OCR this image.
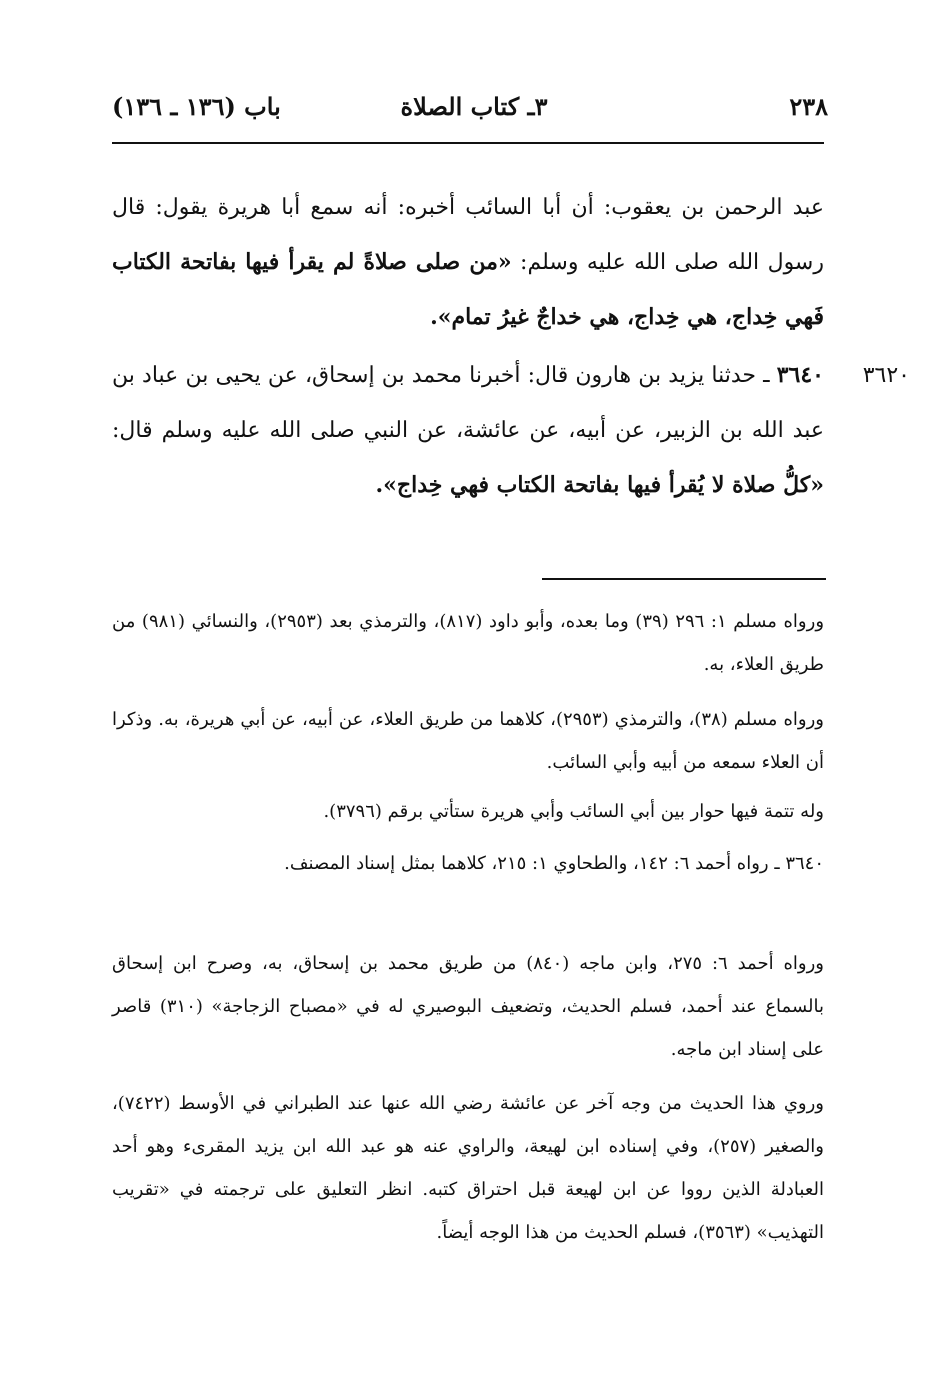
٢٣٨
٣ـ كتاب الصلاة
باب (١٣٦ ـ ١٣٦)
عبد الرحمن بن يعقوب: أن أبا السائب أخبره: أنه سمع أبا هريرة يقول: قال رسول الله صلى الله عليه وسلم: «من صلى صلاةً لم يقرأ فيها بفاتحة الكتاب فَهي خِداج، هي خِداج، هي خداجٌ غيرُ تمام».
٣٦٢٠
٣٦٤٠ ـ حدثنا يزيد بن هارون قال: أخبرنا محمد بن إسحاق، عن يحيى بن عباد بن عبد الله بن الزبير، عن أبيه، عن عائشة، عن النبي صلى الله عليه وسلم قال: «كلُّ صلاة لا يُقرأ فيها بفاتحة الكتاب فهي خِداج».
ورواه مسلم ١: ٢٩٦ (٣٩) وما بعده، وأبو داود (٨١٧)، والترمذي بعد (٢٩٥٣)، والنسائي (٩٨١) من طريق العلاء، به.
ورواه مسلم (٣٨)، والترمذي (٢٩٥٣)، كلاهما من طريق العلاء، عن أبيه، عن أبي هريرة، به. وذكرا أن العلاء سمعه من أبيه وأبي السائب.
وله تتمة فيها حوار بين أبي السائب وأبي هريرة ستأتي برقم (٣٧٩٦).
٣٦٤٠ ـ رواه أحمد ٦: ١٤٢، والطحاوي ١: ٢١٥، كلاهما بمثل إسناد المصنف.
ورواه أحمد ٦: ٢٧٥، وابن ماجه (٨٤٠) من طريق محمد بن إسحاق، به، وصرح ابن إسحاق بالسماع عند أحمد، فسلم الحديث، وتضعيف البوصيري له في «مصباح الزجاجة» (٣١٠) قاصر على إسناد ابن ماجه.
وروي هذا الحديث من وجه آخر عن عائشة رضي الله عنها عند الطبراني في الأوسط (٧٤٢٢)، والصغير (٢٥٧)، وفي إسناده ابن لهيعة، والراوي عنه هو عبد الله ابن يزيد المقرىء وهو أحد العبادلة الذين رووا عن ابن لهيعة قبل احتراق كتبه. انظر التعليق على ترجمته في «تقريب التهذيب» (٣٥٦٣)، فسلم الحديث من هذا الوجه أيضاً.
